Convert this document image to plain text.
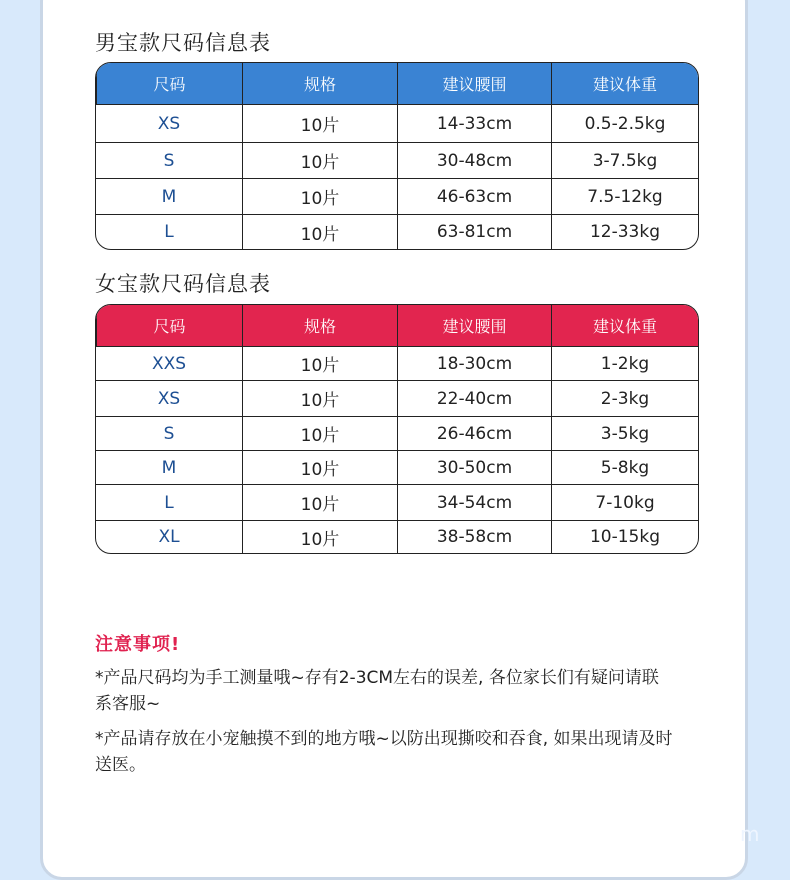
男宝款尺码信息表
尺码	规格	建议腰围	建议体重
XS	10片	14-33cm	0.5-2.5kg
S	10片	30-48cm	3-7.5kg
M	10片	46-63cm	7.5-12kg
L	10片	63-81cm	12-33kg
女宝款尺码信息表
尺码	规格	建议腰围	建议体重
XXS	10片	18-30cm	1-2kg
XS	10片	22-40cm	2-3kg
S	10片	26-46cm	3-5kg
M	10片	30-50cm	5-8kg
L	10片	34-54cm	7-10kg
XL	10片	38-58cm	10-15kg
注意事项!
*产品尺码均为手工测量哦~存有2-3CM左右的误差, 各位家长们有疑问请联系客服~
*产品请存放在小宠触摸不到的地方哦~以防出现撕咬和吞食, 如果出现请及时送医。
m
